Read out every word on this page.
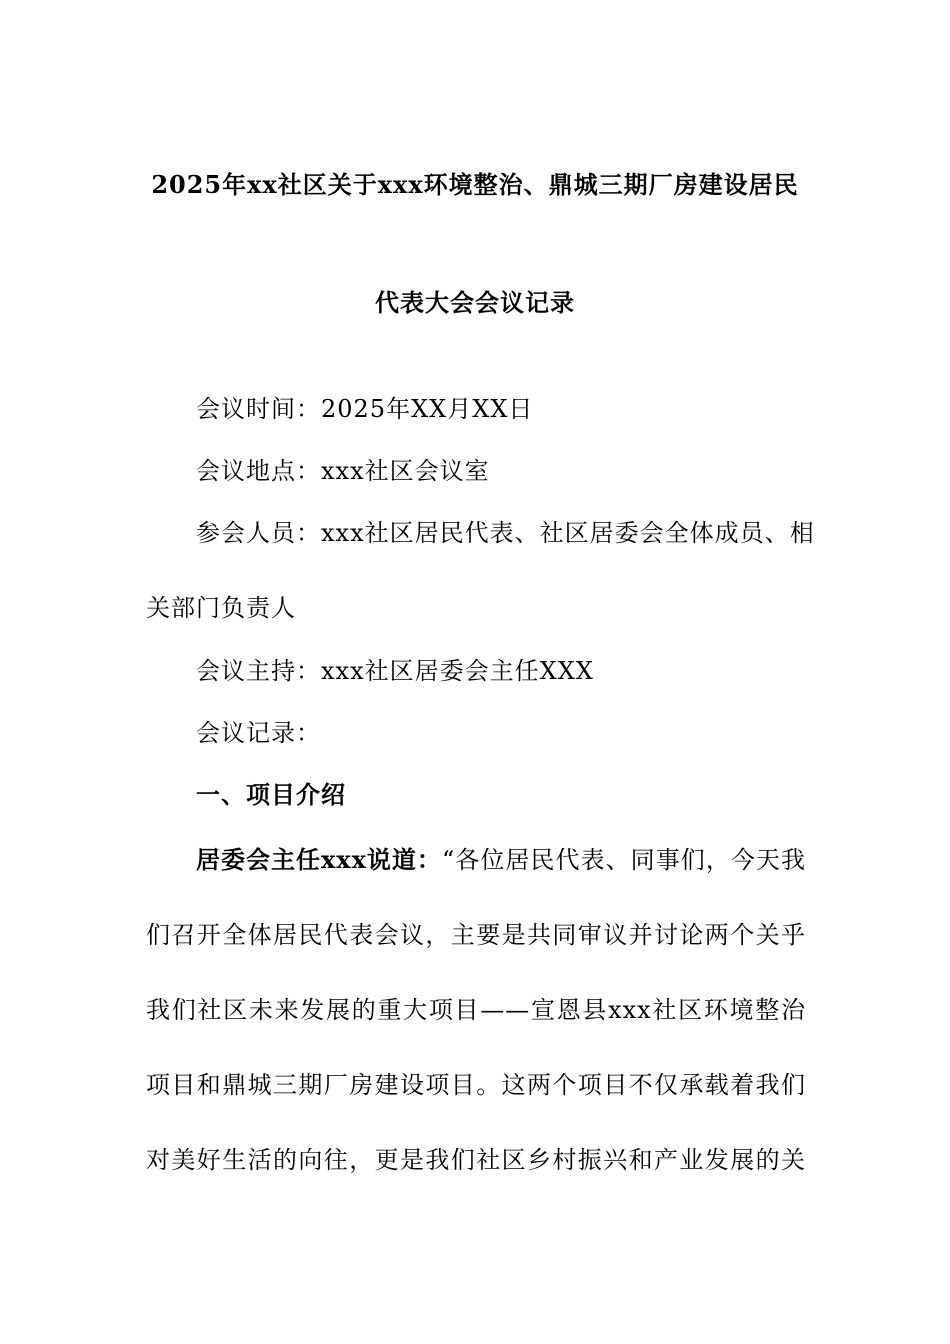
2025年xx社区关于xxx环境整治、鼎城三期厂房建设居民
代表大会会议记录
会议时间：2025年XX月XX日
会议地点：xxx社区会议室
参会人员：xxx社区居民代表、社区居委会全体成员、相
关部门负责人
会议主持：xxx社区居委会主任XXX
会议记录：
一、项目介绍
居委会主任xxx说道： “各位居民代表、同事们，今天我
们召开全体居民代表会议，主要是共同审议并讨论两个关乎
我们社区未来发展的重大项目——宣恩县xxx社区环境整治
项目和鼎城三期厂房建设项目。这两个项目不仅承载着我们
对美好生活的向往，更是我们社区乡村振兴和产业发展的关
